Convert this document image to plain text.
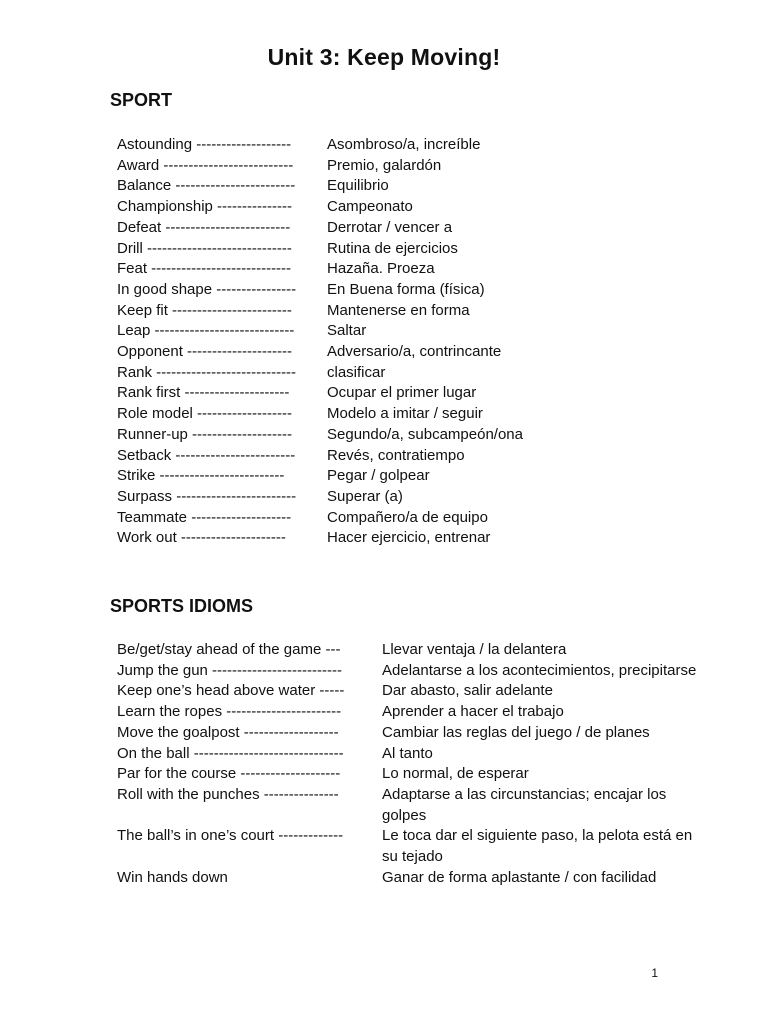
Unit 3: Keep Moving!
SPORT
Astounding -------------------	Asombroso/a, increíble
Award --------------------------	Premio, galardón
Balance ------------------------	Equilibrio
Championship ---------------	Campeonato
Defeat -------------------------	Derrotar / vencer a
Drill -----------------------------	Rutina de ejercicios
Feat ----------------------------	Hazaña. Proeza
In good shape ----------------	En Buena forma (física)
Keep fit ------------------------	Mantenerse en forma
Leap ----------------------------	Saltar
Opponent ---------------------	Adversario/a, contrincante
Rank ----------------------------	clasificar
Rank first ---------------------	Ocupar el primer lugar
Role model -------------------	Modelo a imitar / seguir
Runner-up --------------------	Segundo/a, subcampeón/ona
Setback ------------------------	Revés, contratiempo
Strike -------------------------	Pegar / golpear
Surpass ------------------------	Superar (a)
Teammate --------------------	Compañero/a de equipo
Work out ---------------------	Hacer ejercicio, entrenar
SPORTS IDIOMS
Be/get/stay ahead of the game ---	Llevar ventaja / la delantera
Jump the gun --------------------------	Adelantarse a los acontecimientos, precipitarse
Keep one’s head above water -----	Dar abasto, salir adelante
Learn the ropes -----------------------	Aprender a hacer el trabajo
Move the goalpost -------------------	Cambiar las reglas del juego / de planes
On the ball ------------------------------	Al tanto
Par for the course --------------------	Lo normal, de esperar
Roll with the punches ---------------	Adaptarse a las circunstancias; encajar los golpes
The ball’s in one’s court -------------	Le toca dar el siguiente paso, la pelota está en su tejado
Win hands down	Ganar de forma aplastante / con facilidad
1
